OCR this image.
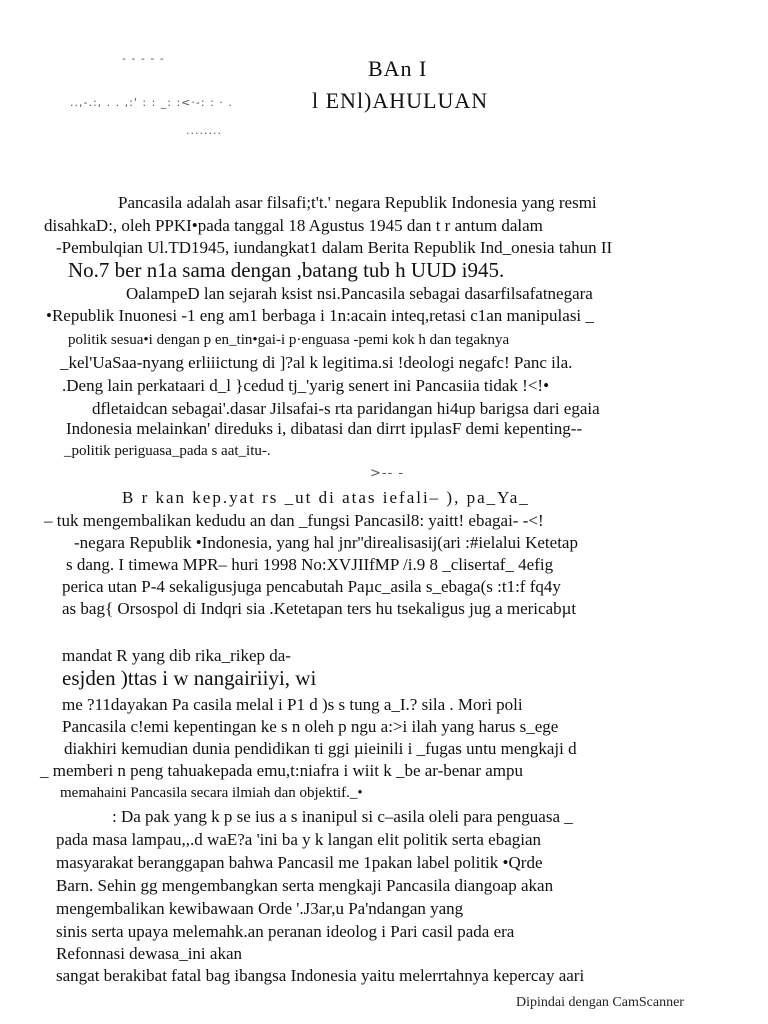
- - - - -	BAn I
..,-.:, . . ,:' : : _: :<·-: : · .	l ENl)AHULUAN
........
Pancasila adalah asar filsafi;t't.' negara Republik Indonesia yang resmi
disahkaD:, oleh PPKI•pada tanggal 18 Agustus 1945 dan t r antum dalam
-Pembulqian Ul.TD1945, iundangkat1 dalam Berita Republik Ind_onesia tahun II
No.7 ber n1a sama dengan ,batang tub h UUD i945.
OalampeD lan sejarah ksist nsi.Pancasila sebagai dasarfilsafatnegara
•Republik Inuonesi -1 eng am1 berbaga i 1n:acain inteq,retasi c1an manipulasi _
politik sesua•i dengan p en_tin•gai-i p·enguasa -pemi kok h dan tegaknya
_kel'UaSaa-nyang erliiictung di ]?al k legitima.si !deologi negafc! Panc ila.
.Deng lain perkataari d_l }cedud tj_'yarig senert ini Pancasiia tidak !<!•
dfletaidcan sebagai'.dasar Jilsafai-s rta paridangan hi4up barigsa dari egaia
Indonesia melainkan' direduks i, dibatasi dan dirrt ipµlasF demi kepenting--
_politik periguasa_pada s aat_itu-.
>-- -
B r kan kep.yat rs _ut di atas iefali– ), pa_Ya_
– tuk mengembalikan kedudu an dan _fungsi Pancasil8: yaitt! ebagai- -<!
-negara Republik •Indonesia, yang hal jnr''direalisasij(ari :#ielalui Ketetap
s dang. I timewa MPR– huri 1998 No:XVJIIfMP /i.9 8 _clisertaf_ 4efig
perica utan P-4 sekaligusjuga pencabutah Paµc_asila s_ebaga(s :t1:f fq4y
as bag{ Orsospol di Indqri sia .Ketetapan ters hu tsekaligus jug a mericabµt
mandat R yang dib rika_rikep da-
esjden )ttas i w nangairiiyi, wi
me ?11dayakan Pa casila melal i P1 d )s s tung a_I.? sila . Mori poli
Pancasila c!emi kepentingan ke s n oleh p ngu a:>i ilah yang harus s_ege
diakhiri kemudian dunia pendidikan ti ggi µieinili i _fugas untu mengkaji d
_ memberi n peng tahuakepada emu,t:niafra i wiit k _be ar-benar ampu
memahaini Pancasila secara ilmiah dan objektif._•
: Da pak yang k p se ius a s inanipul si c–asila oleli para penguasa _
pada masa lampau,,.d waE?a 'ini ba y k langan elit politik serta ebagian
masyarakat beranggapan bahwa Pancasil me 1pakan label politik •Qrde
Barn. Sehin gg mengembangkan serta mengkaji Pancasila diangoap akan
mengembalikan kewibawaan Orde '.J3ar,u Pa'ndangan yang
sinis serta upaya melemahk.an peranan ideolog i Pari casil pada era
Refonnasi dewasa_ini akan
sangat berakibat fatal bag ibangsa Indonesia yaitu melerrtahnya kepercay aari
Dipindai dengan CamScanner
